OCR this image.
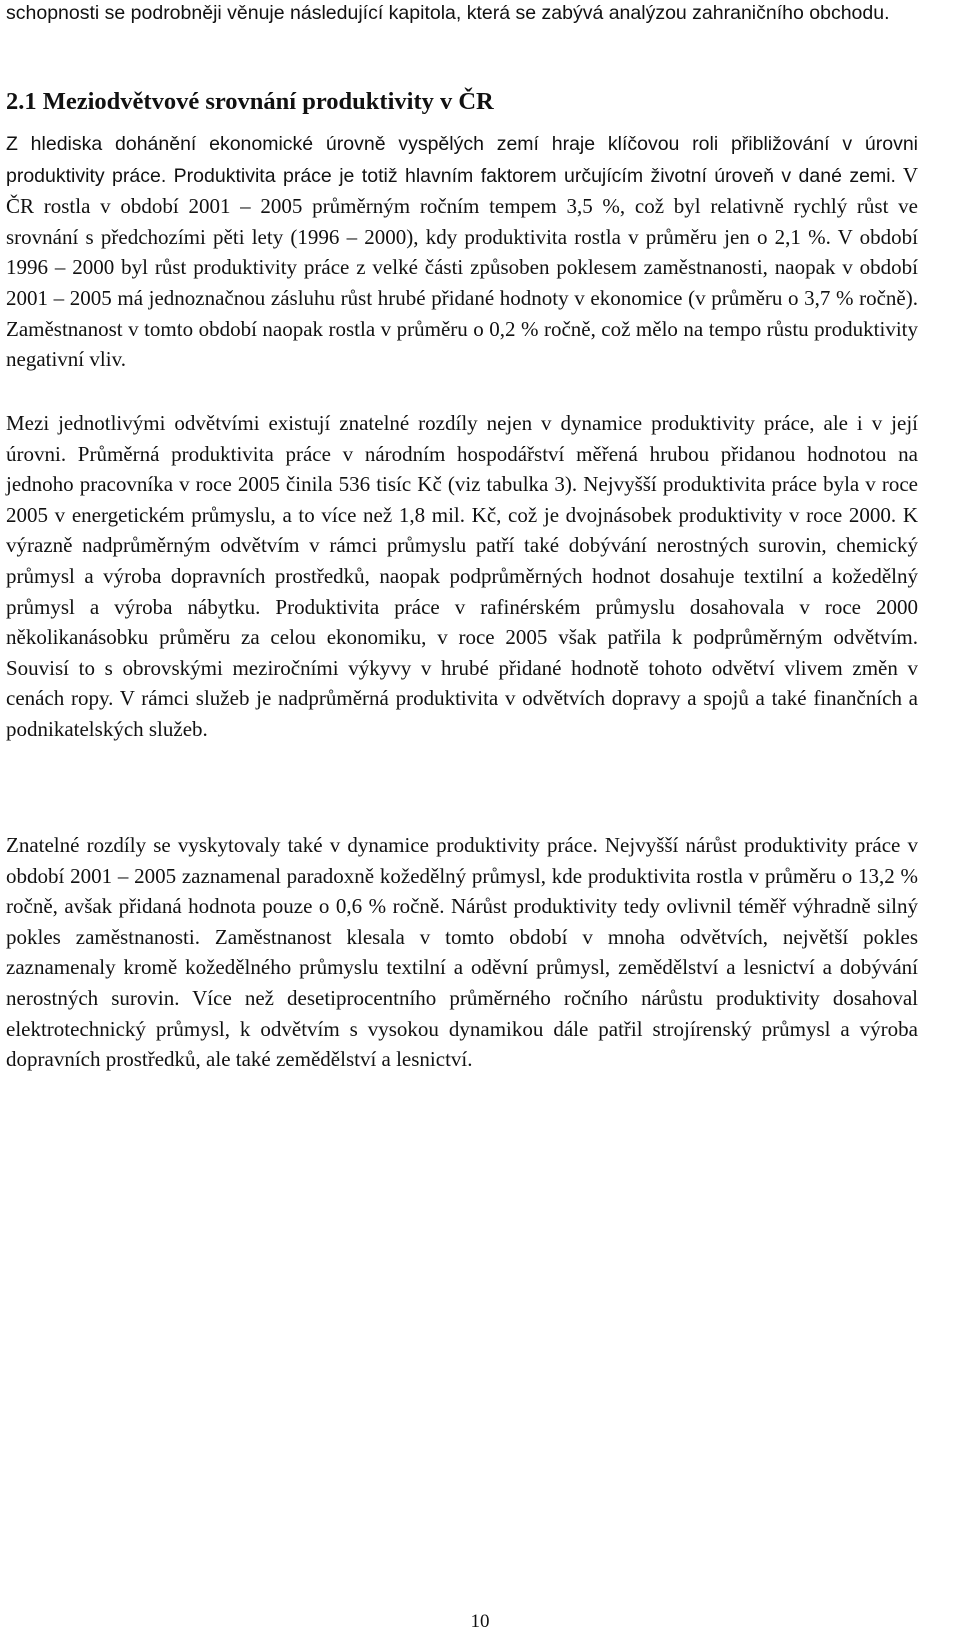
schopnosti se podrobněji věnuje následující kapitola, která se zabývá analýzou zahraničního obchodu.

2.1 Meziodvětvové srovnání produktivity v ČR

Z hlediska dohánění ekonomické úrovně vyspělých zemí hraje klíčovou roli přibližování v úrovni produktivity práce. Produktivita práce je totiž hlavním faktorem určujícím životní úroveň v dané zemi. V ČR rostla v období 2001 – 2005 průměrným ročním tempem 3,5 %, což byl relativně rychlý růst ve srovnání s předchozími pěti lety (1996 – 2000), kdy produktivita rostla v průměru jen o 2,1 %. V období 1996 – 2000 byl růst produktivity práce z velké části způsoben poklesem zaměstnanosti, naopak v období 2001 – 2005 má jednoznačnou zásluhu růst hrubé přidané hodnoty v ekonomice (v průměru o 3,7 % ročně). Zaměstnanost v tomto období naopak rostla v průměru o 0,2 % ročně, což mělo na tempo růstu produktivity negativní vliv.

Mezi jednotlivými odvětvími existují znatelné rozdíly nejen v dynamice produktivity práce, ale i v její úrovni. Průměrná produktivita práce v národním hospodářství měřená hrubou přidanou hodnotou na jednoho pracovníka v roce 2005 činila 536 tisíc Kč (viz tabulka 3). Nejvyšší produktivita práce byla v roce 2005 v energetickém průmyslu, a to více než 1,8 mil. Kč, což je dvojnásobek produktivity v roce 2000. K výrazně nadprůměrným odvětvím v rámci průmyslu patří také dobývání nerostných surovin, chemický průmysl a výroba dopravních prostředků, naopak podprůměrných hodnot dosahuje textilní a kožedělný průmysl a výroba nábytku. Produktivita práce v rafinérském průmyslu dosahovala v roce 2000 několikanásobku průměru za celou ekonomiku, v roce 2005 však patřila k podprůměrným odvětvím. Souvisí to s obrovskými meziročními výkyvy v hrubé přidané hodnotě tohoto odvětví vlivem změn v cenách ropy. V rámci služeb je nadprůměrná produktivita v odvětvích dopravy a spojů a také finančních a podnikatelských služeb.

Znatelné rozdíly se vyskytovaly také v dynamice produktivity práce. Nejvyšší nárůst produktivity práce v období 2001 – 2005 zaznamenal paradoxně kožedělný průmysl, kde produktivita rostla v průměru o 13,2 % ročně, avšak přidaná hodnota pouze o 0,6 % ročně. Nárůst produktivity tedy ovlivnil téměř výhradně silný pokles zaměstnanosti. Zaměstnanost klesala v tomto období v mnoha odvětvích, největší pokles zaznamenaly kromě kožedělného průmyslu textilní a oděvní průmysl, zemědělství a lesnictví a dobývání nerostných surovin. Více než desetiprocentního průměrného ročního nárůstu produktivity dosahoval elektrotechnický průmysl, k odvětvím s vysokou dynamikou dále patřil strojírenský průmysl a výroba dopravních prostředků, ale také zemědělství a lesnictví.

10
